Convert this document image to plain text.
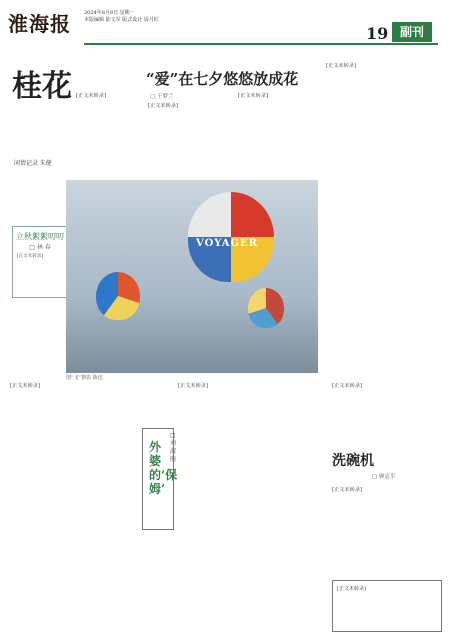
淮海报	2024年8月8日 星期一
本版编辑 陆文军 版式设计 周月红
19 副刊
桂花
闲情记录 朱健
立秋絮絮叨叨
□ 林 春
[正文未转录]
“爱”在七夕悠悠放成花
□ 王梦兰
[正文未转录]
[正文未转录]
[正文未转录]
[正文未转录]
VOYAGER
图“飞”摄影 陈迅
[正文未转录]
外婆的‘保姆’
□ 刘淑鹃
[正文未转录]
洗碗机
□ 顾志军
[正文未转录]
[正文未转录]
[正文未转录]
